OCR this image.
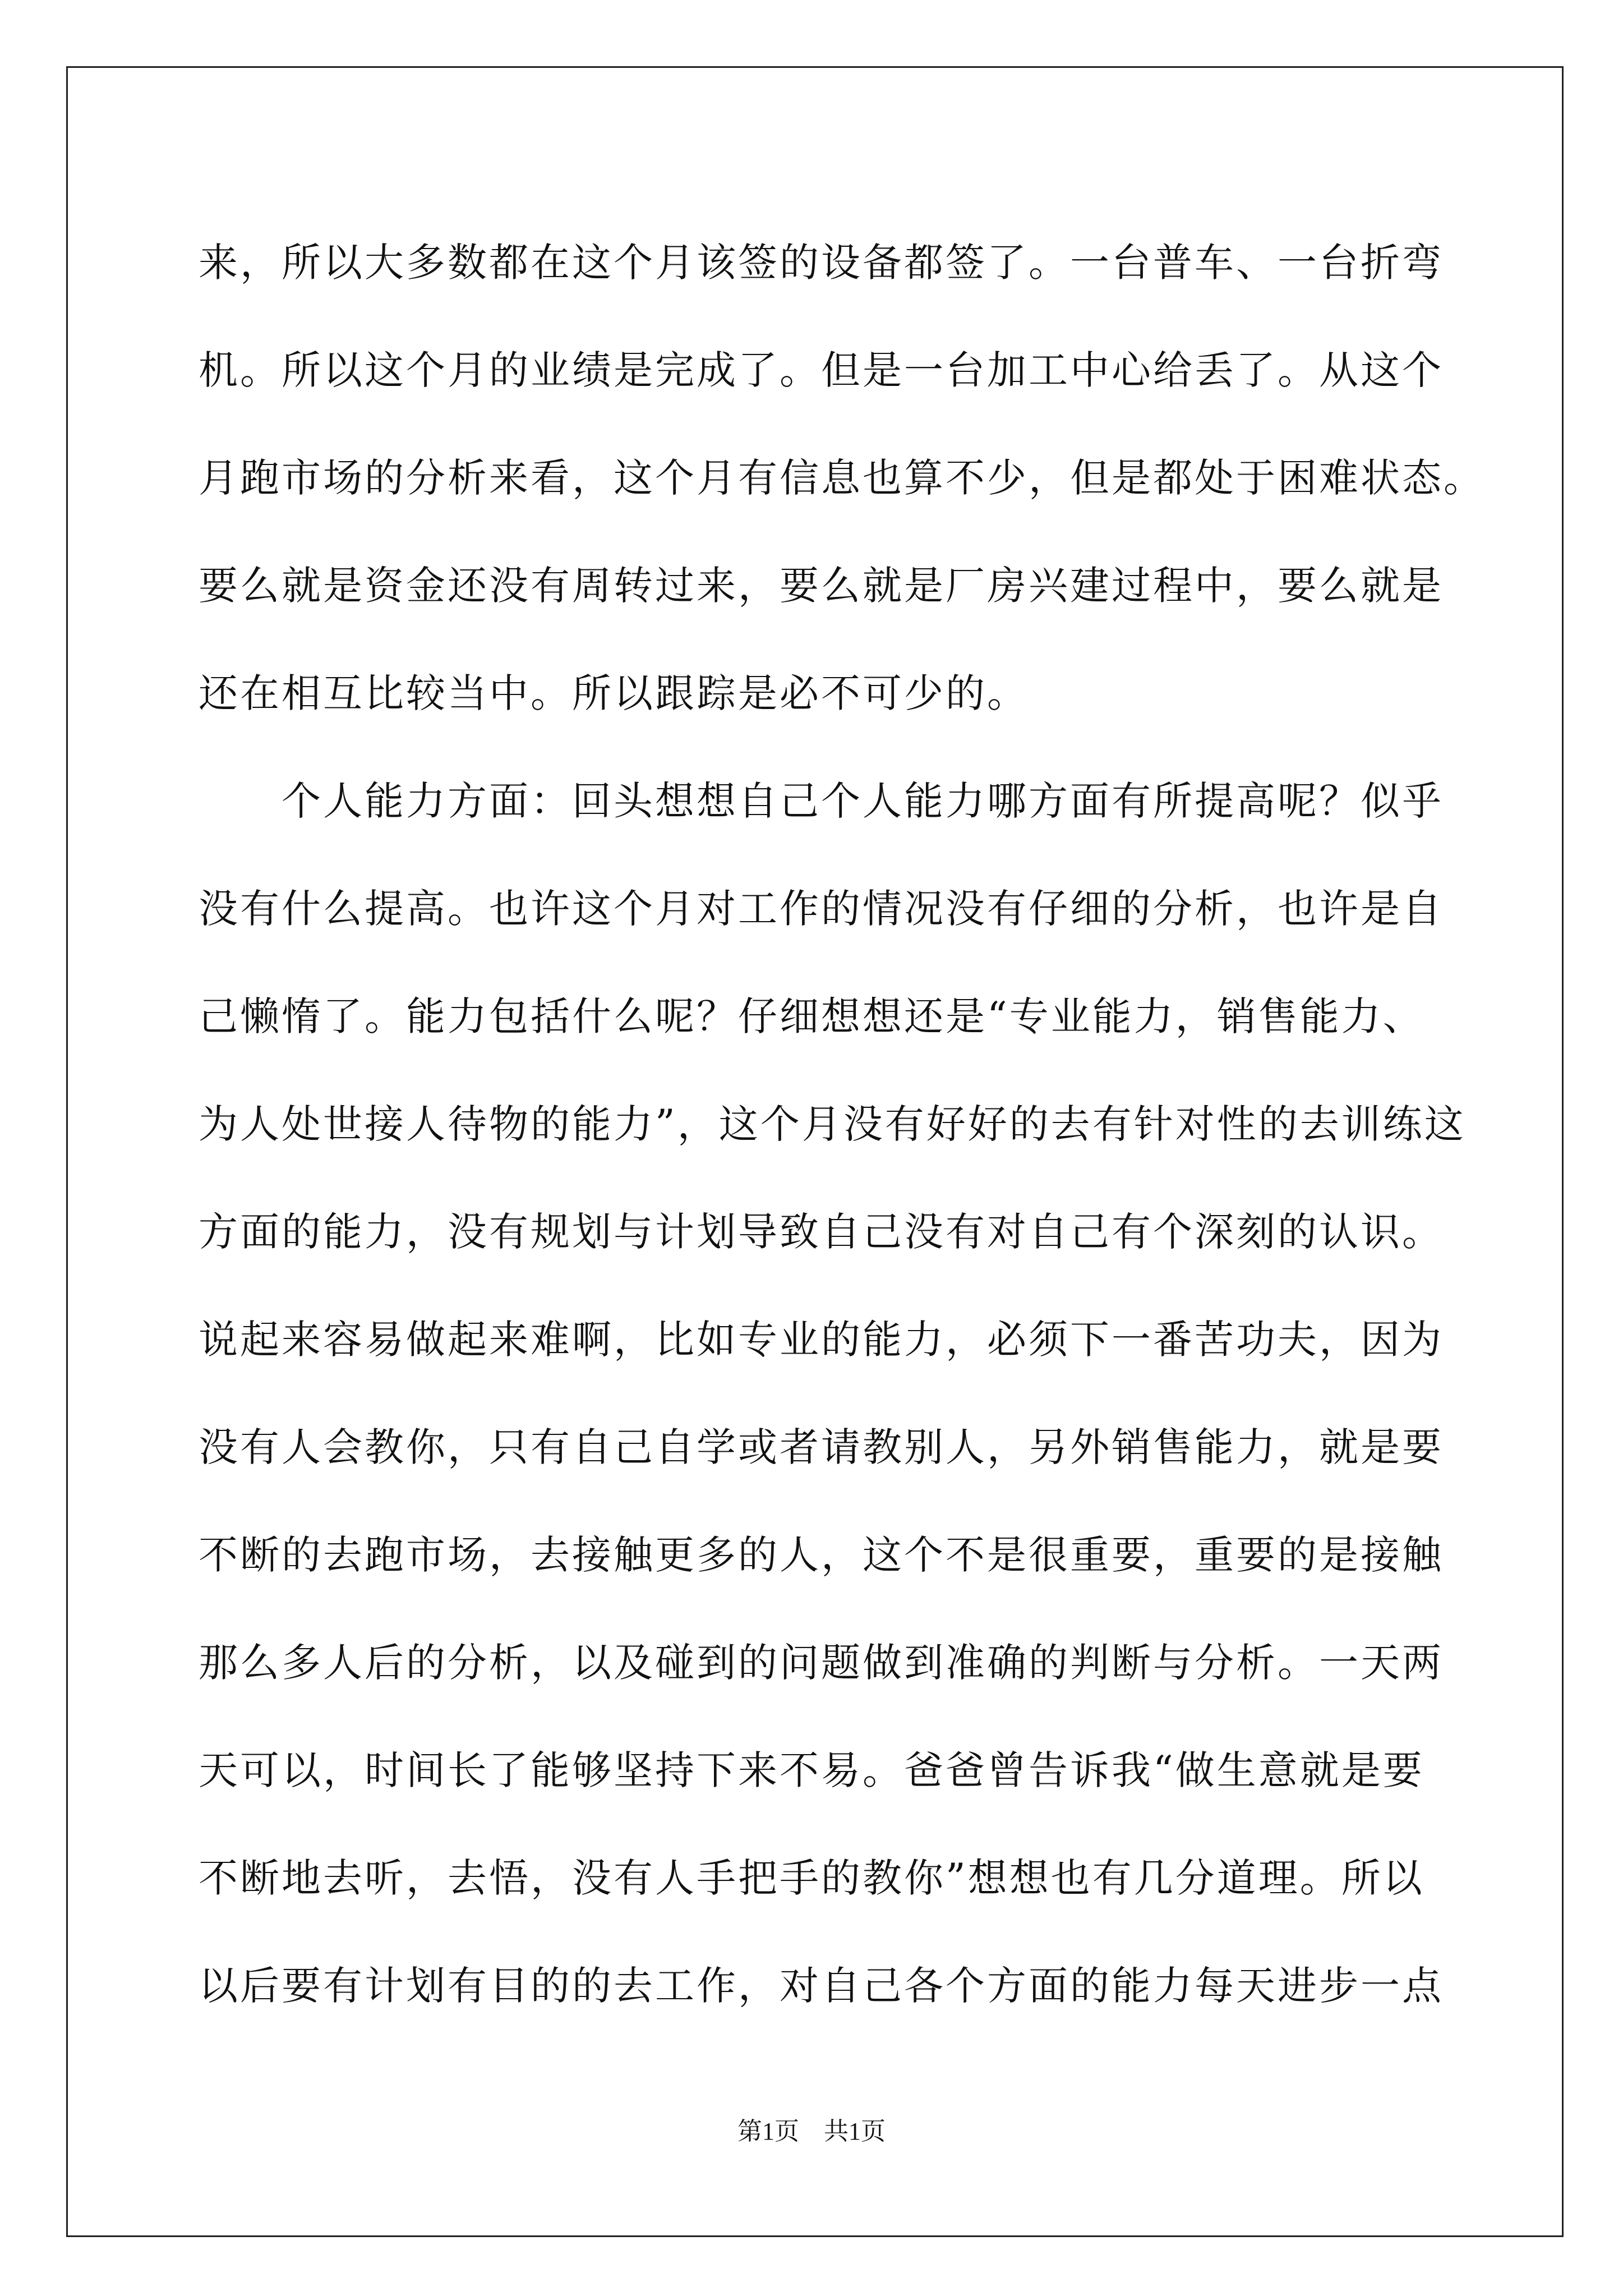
来，所以大多数都在这个月该签的设备都签了。一台普车、一台折弯
机。所以这个月的业绩是完成了。但是一台加工中心给丢了。从这个
月跑市场的分析来看，这个月有信息也算不少，但是都处于困难状态。
要么就是资金还没有周转过来，要么就是厂房兴建过程中，要么就是
还在相互比较当中。所以跟踪是必不可少的。
　　个人能力方面：回头想想自己个人能力哪方面有所提高呢？似乎
没有什么提高。也许这个月对工作的情况没有仔细的分析，也许是自
己懒惰了。能力包括什么呢？仔细想想还是“专业能力，销售能力、
为人处世接人待物的能力”，这个月没有好好的去有针对性的去训练这
方面的能力，没有规划与计划导致自己没有对自己有个深刻的认识。
说起来容易做起来难啊，比如专业的能力，必须下一番苦功夫，因为
没有人会教你，只有自己自学或者请教别人，另外销售能力，就是要
不断的去跑市场，去接触更多的人，这个不是很重要，重要的是接触
那么多人后的分析，以及碰到的问题做到准确的判断与分析。一天两
天可以，时间长了能够坚持下来不易。爸爸曾告诉我“做生意就是要
不断地去听，去悟，没有人手把手的教你”想想也有几分道理。所以
以后要有计划有目的的去工作，对自己各个方面的能力每天进步一点
第1页　共1页
